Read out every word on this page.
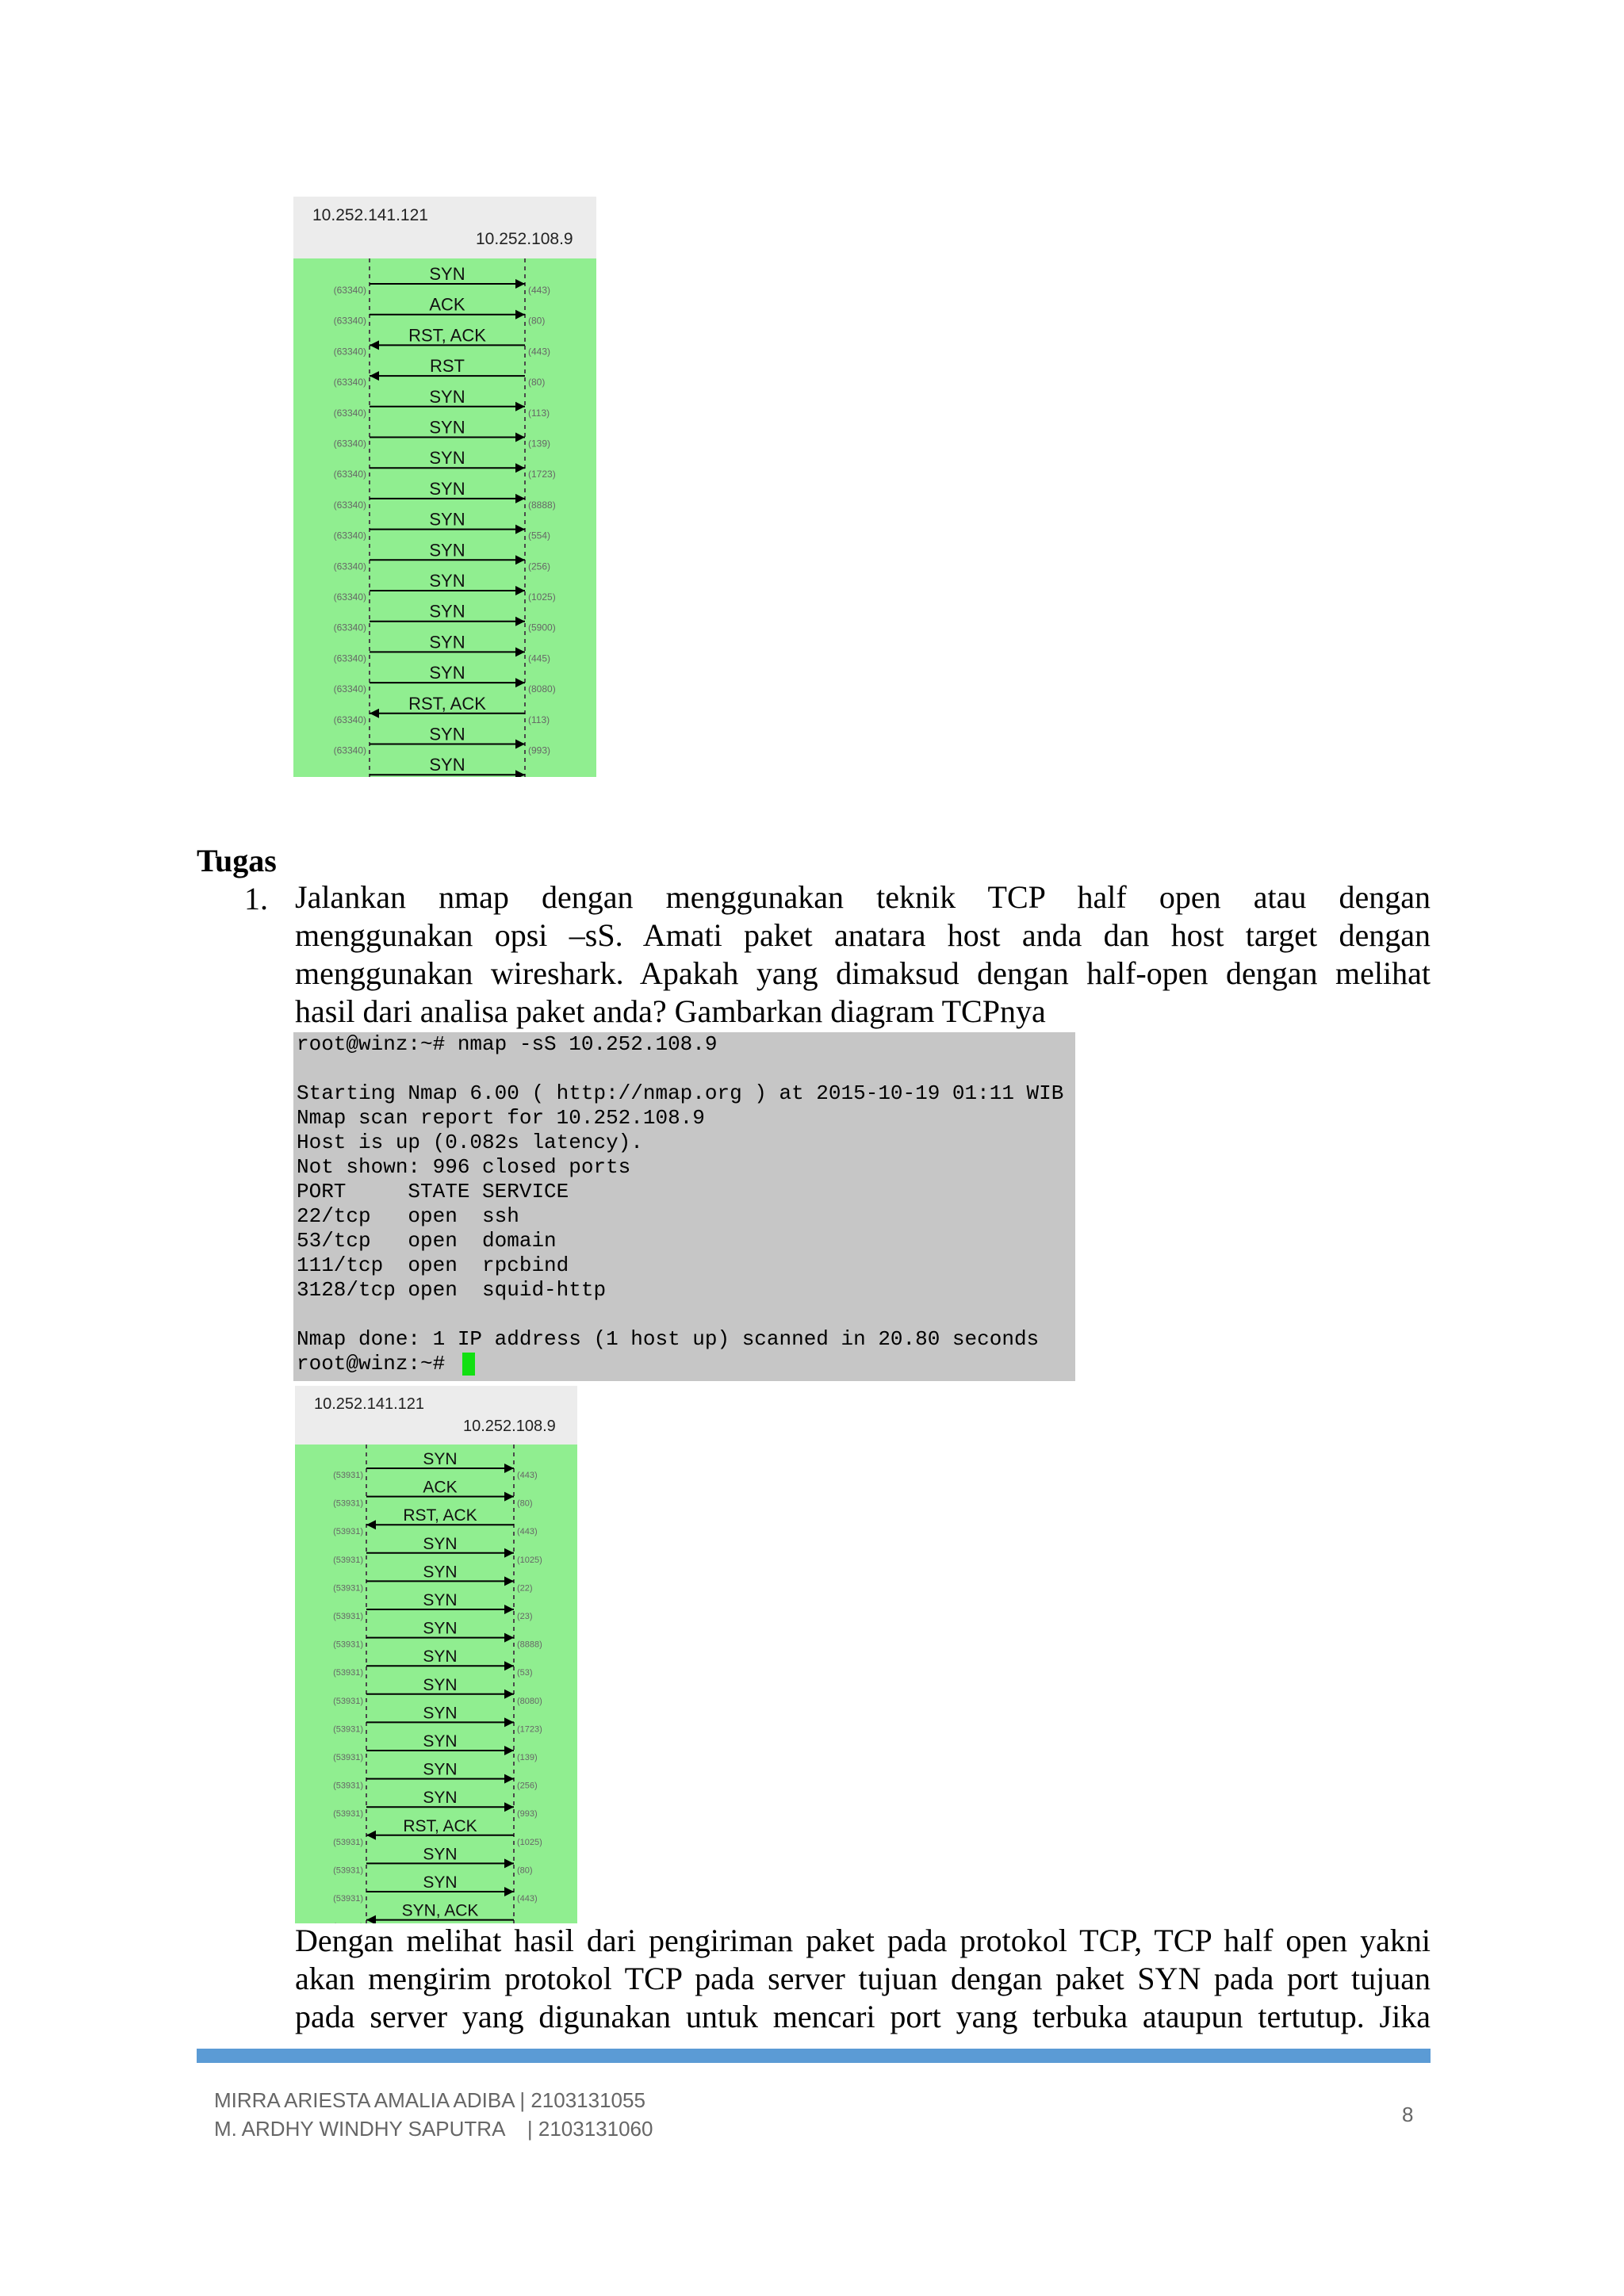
10.252.141.121
10.252.108.9
SYN
(63340)	(443)
ACK
(63340)	(80)
RST, ACK
(63340)	(443)
RST
(63340)	(80)
SYN
(63340)	(113)
SYN
(63340)	(139)
SYN
(63340)	(1723)
SYN
(63340)	(8888)
SYN
(63340)	(554)
SYN
(63340)	(256)
SYN
(63340)	(1025)
SYN
(63340)	(5900)
SYN
(63340)	(445)
SYN
(63340)	(8080)
RST, ACK
(63340)	(113)
SYN
(63340)	(993)
SYN
Tugas
1. Jalankan nmap dengan menggunakan teknik TCP half open atau dengan
menggunakan opsi –sS. Amati paket anatara host anda dan host target dengan
menggunakan wireshark. Apakah yang dimaksud dengan half-open dengan melihat
hasil dari analisa paket anda? Gambarkan diagram TCPnya
root@winz:~# nmap -sS 10.252.108.9
Starting Nmap 6.00 ( http://nmap.org ) at 2015-10-19 01:11 WIB
Nmap scan report for 10.252.108.9
Host is up (0.082s latency).
Not shown: 996 closed ports
PORT     STATE SERVICE
22/tcp   open  ssh
53/tcp   open  domain
111/tcp  open  rpcbind
3128/tcp open  squid-http
Nmap done: 1 IP address (1 host up) scanned in 20.80 seconds
root@winz:~#
10.252.141.121
10.252.108.9
SYN
(53931)	(443)
ACK
(53931)	(80)
RST, ACK
(53931)	(443)
SYN
(53931)	(1025)
SYN
(53931)	(22)
SYN
(53931)	(23)
SYN
(53931)	(8888)
SYN
(53931)	(53)
SYN
(53931)	(8080)
SYN
(53931)	(1723)
SYN
(53931)	(139)
SYN
(53931)	(256)
SYN
(53931)	(993)
RST, ACK
(53931)	(1025)
SYN
(53931)	(80)
SYN
(53931)	(443)
SYN, ACK
Dengan melihat hasil dari pengiriman paket pada protokol TCP, TCP half open yakni
akan mengirim protokol TCP pada server tujuan dengan paket SYN pada port tujuan
pada server yang digunakan untuk mencari port yang terbuka ataupun tertutup. Jika
MIRRA ARIESTA AMALIA ADIBA | 2103131055
M. ARDHY WINDHY SAPUTRA    | 2103131060
8
